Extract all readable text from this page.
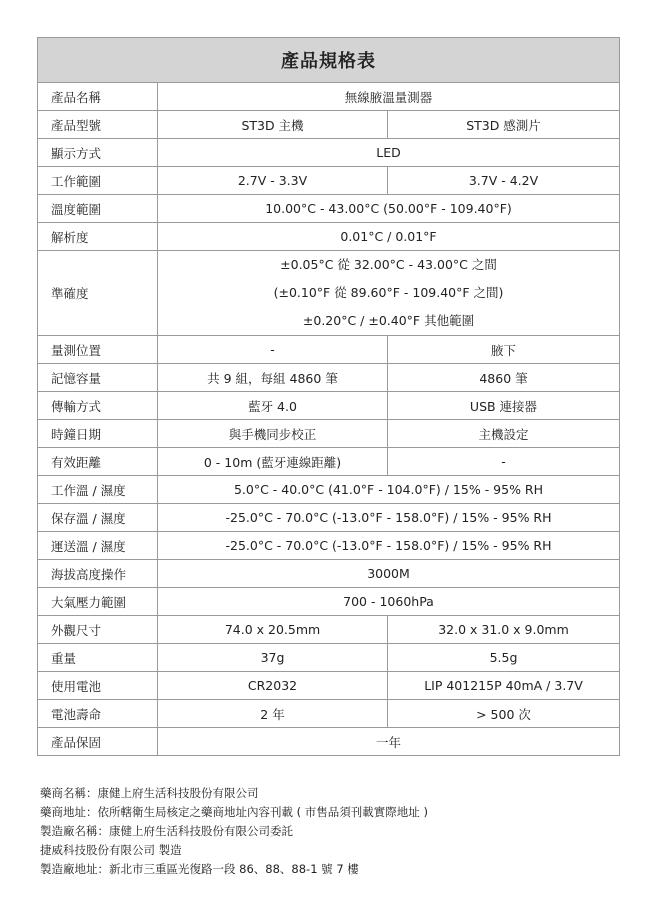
產品規格表		
產品名稱	無線腋溫量測器	
產品型號	ST3D 主機	ST3D 感測片
顯示方式	LED	
工作範圍	2.7V - 3.3V	3.7V - 4.2V
溫度範圍	10.00°C - 43.00°C (50.00°F - 109.40°F)	
解析度	0.01°C / 0.01°F	
準確度	±0.05°C 從 32.00°C - 43.00°C 之間
(±0.10°F 從 89.60°F - 109.40°F 之間)
±0.20°C / ±0.40°F 其他範圍	

量測位置	-	腋下
記憶容量	共 9 組，每組 4860 筆	4860 筆
傳輸方式	藍牙 4.0	USB 連接器
時鐘日期	與手機同步校正	主機設定
有效距離	0 - 10m (藍牙連線距離)	-
工作溫 / 濕度	5.0°C - 40.0°C (41.0°F - 104.0°F) / 15% - 95% RH	
保存溫 / 濕度	-25.0°C - 70.0°C (-13.0°F - 158.0°F) / 15% - 95% RH	
運送溫 / 濕度	-25.0°C - 70.0°C (-13.0°F - 158.0°F) / 15% - 95% RH	
海拔高度操作	3000M	
大氣壓力範圍	700 - 1060hPa	
外觀尺寸	74.0 x 20.5mm	32.0 x 31.0 x 9.0mm
重量	37g	5.5g
使用電池	CR2032	LIP 401215P 40mA / 3.7V
電池壽命	2 年	> 500 次
產品保固	一年	
藥商名稱：康健上府生活科技股份有限公司
藥商地址：依所轄衛生局核定之藥商地址內容刊載 ( 市售品須刊載實際地址 )
製造廠名稱：康健上府生活科技股份有限公司委託
捷威科技股份有限公司 製造
製造廠地址：新北市三重區光復路一段 86、88、88-1 號 7 樓
